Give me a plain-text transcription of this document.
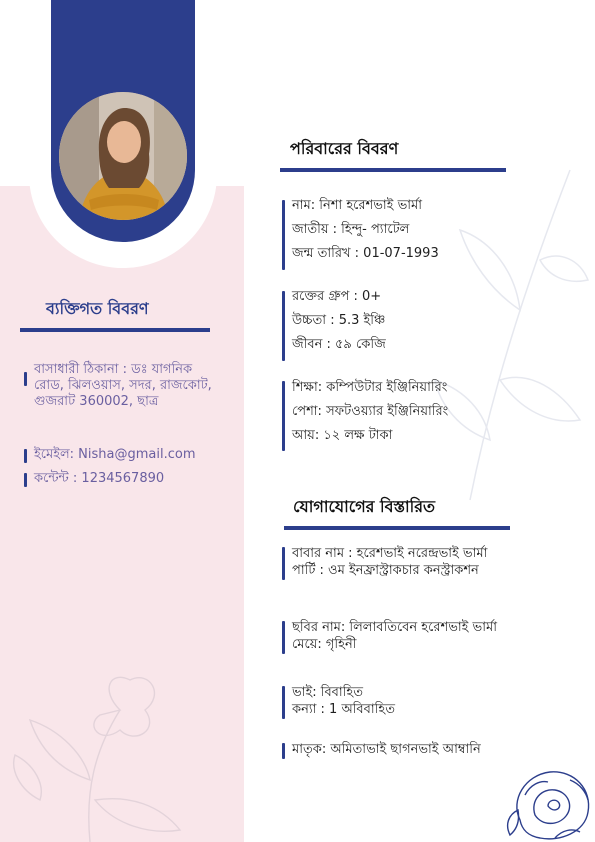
ব্যক্তিগত বিবরণ
বাসাধারী ঠিকানা : ডঃ যাগনিক রোড, ঝিলওয়াস, সদর, রাজকোট, গুজরাট 360002, ছাত্র
ইমেইল: Nisha@gmail.com
কন্টেন্ট : 1234567890
পরিবারের বিবরণ
নাম: নিশা হরেশভাই ভার্মা
জাতীয় : হিন্দু- প্যাটেল
জন্ম তারিখ : 01-07-1993
রক্তের গ্রুপ : 0+
উচ্চতা : 5.3 ইঞ্চি
জীবন : ৫৯ কেজি
শিক্ষা: কম্পিউটার ইঞ্জিনিয়ারিং
পেশা: সফটওয়্যার ইঞ্জিনিয়ারিং
আয়: ১২ লক্ষ টাকা
যোগাযোগের বিস্তারিত
বাবার নাম : হরেশভাই নরেন্দ্রভাই ভার্মা
পার্টি : ওম ইনফ্রাস্ট্রাকচার কনস্ট্রাকশন
ছবির নাম: লিলাবতিবেন হরেশভাই ভার্মা
মেয়ে: গৃহিনী
ভাই: বিবাহিত
কন্যা : 1 অবিবাহিত
মাতৃক: অমিতাভাই ছাগনভাই আম্বানি
